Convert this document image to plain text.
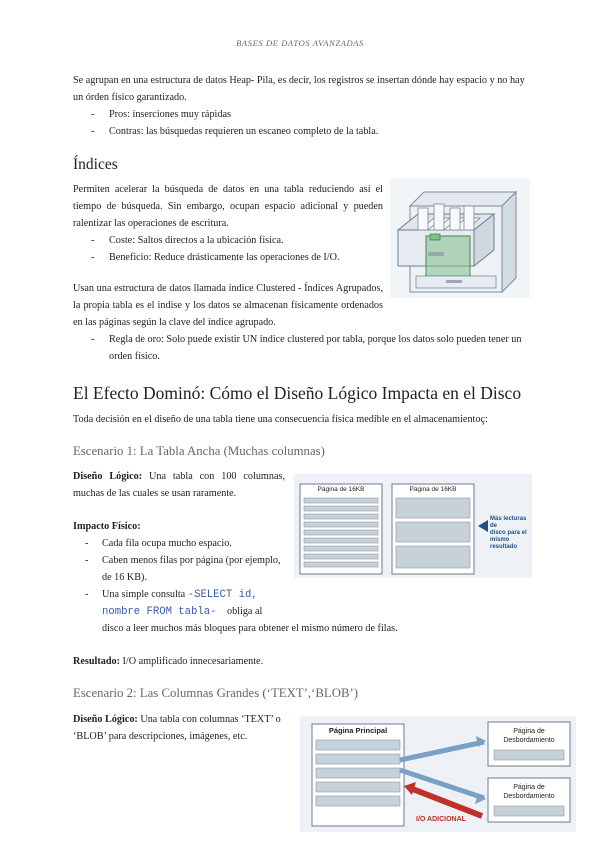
BASES DE DATOS AVANZADAS
Se agrupan en una estructura de datos Heap- Pila, es decir, los registros se insertan dónde hay espacio y no hay un órden físico garantizado.
- Pros: inserciones muy rápidas
- Contras: las búsquedas requieren un escaneo completo de la tabla.
Índices
Permiten acelerar la búsqueda de datos en una tabla reduciendo así el tiempo de búsqueda. Sin embargo, ocupan espacio adicional y pueden ralentizar las operaciones de escritura.
- Coste: Saltos directos a la ubicación física.
- Beneficio: Reduce drásticamente las operaciones de I/O.
Usan una estructura de datos llamada índice Clustered - Índices Agrupados, la propia tabla es el indise y los datos se almacenan físicamente ordenados en las páginas según la clave del índice agrupado.
-	Regla de oro: Solo puede existir UN índice clustered por tabla, porque los datos solo pueden tener un orden físico.
El Efecto Dominó: Cómo el Diseño Lógico Impacta en el Disco
Toda decisión en el diseño de una tabla tiene una consecuencia física medible en el almacenamientoç:
Escenario 1: La Tabla Ancha (Muchas columnas)
Diseño Lógico: Una tabla con 100 columnas, muchas de las cuales se usan raramente.
Impacto Físico:
- Cada fila ocupa mucho espacio.
-	Caben menos filas por página (por ejemplo, de 16 KB).
-	Una simple consulta -SELECT id,
nombre FROM tabla- obliga al
disco a leer muchos más bloques para obtener el mismo número de filas.
Resultado: I/O amplificado innecesariamente.
Página de 16KB	Página de 16KB
Más lecturas de
disco para el
mismo resultado
Escenario 2: Las Columnas Grandes (‘TEXT’,‘BLOB’)
Diseño Lógico: Una tabla con columnas ‘TEXT’ o ‘BLOB’ para descripciones, imágenes, etc.
Página Principal	Página de
Desbordamiento
Página de
Desbordamiento
I/O ADICIONAL
